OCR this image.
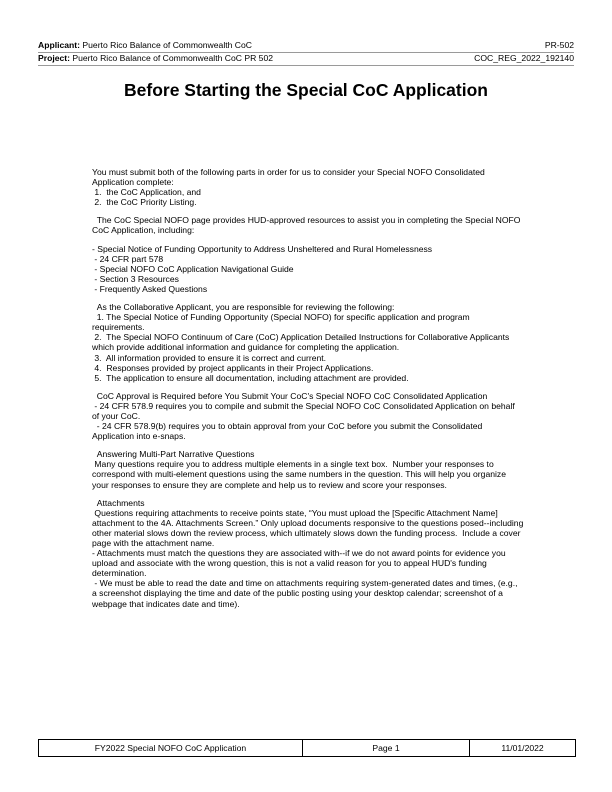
Applicant: Puerto Rico Balance of Commonwealth CoC	PR-502
Project: Puerto Rico Balance of Commonwealth CoC PR 502	COC_REG_2022_192140
Before Starting the Special CoC Application

You must submit both of the following parts in order for us to consider your Special NOFO Consolidated Application complete:
1.  the CoC Application, and
2.  the CoC Priority Listing.

The CoC Special NOFO page provides HUD-approved resources to assist you in completing the Special NOFO CoC Application, including:

- Special Notice of Funding Opportunity to Address Unsheltered and Rural Homelessness
- 24 CFR part 578
- Special NOFO CoC Application Navigational Guide
- Section 3 Resources
- Frequently Asked Questions

As the Collaborative Applicant, you are responsible for reviewing the following:
1. The Special Notice of Funding Opportunity (Special NOFO) for specific application and program requirements.
2.  The Special NOFO Continuum of Care (CoC) Application Detailed Instructions for Collaborative Applicants which provide additional information and guidance for completing the application.
3.  All information provided to ensure it is correct and current.
4.  Responses provided by project applicants in their Project Applications.
5.  The application to ensure all documentation, including attachment are provided.

CoC Approval is Required before You Submit Your CoC's Special NOFO CoC Consolidated Application
- 24 CFR 578.9 requires you to compile and submit the Special NOFO CoC Consolidated Application on behalf of your CoC.
- 24 CFR 578.9(b) requires you to obtain approval from your CoC before you submit the Consolidated Application into e-snaps.

Answering Multi-Part Narrative Questions
Many questions require you to address multiple elements in a single text box.  Number your responses to correspond with multi-element questions using the same numbers in the question. This will help you organize your responses to ensure they are complete and help us to review and score your responses.

Attachments
Questions requiring attachments to receive points state, “You must upload the [Specific Attachment Name] attachment to the 4A. Attachments Screen.” Only upload documents responsive to the questions posed--including other material slows down the review process, which ultimately slows down the funding process.  Include a cover page with the attachment name.
- Attachments must match the questions they are associated with--if we do not award points for evidence you upload and associate with the wrong question, this is not a valid reason for you to appeal HUD's funding determination.
- We must be able to read the date and time on attachments requiring system-generated dates and times, (e.g., a screenshot displaying the time and date of the public posting using your desktop calendar; screenshot of a webpage that indicates date and time).

FY2022 Special NOFO CoC Application	Page 1	11/01/2022
